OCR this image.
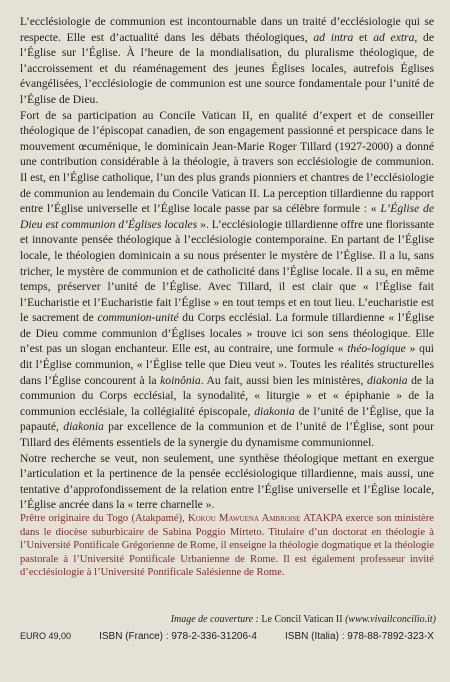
L’ecclésiologie de communion est incontournable dans un traité d’ecclésiologie qui se respecte. Elle est d’actualité dans les débats théologiques, ad intra et ad extra, de l’Église sur l’Église. À l’heure de la mondialisation, du pluralisme théologique, de l’accroissement et du réaménagement des jeunes Églises locales, autrefois Églises évangélisées, l’ecclésiologie de communion est une source fondamentale pour l’unité de l’Église de Dieu.

Fort de sa participation au Concile Vatican II, en qualité d’expert et de conseiller théologique de l’épiscopat canadien, de son engagement passionné et perspicace dans le mouvement œcuménique, le dominicain Jean-Marie Roger Tillard (1927-2000) a donné une contribution considérable à la théologie, à travers son ecclésiologie de communion. Il est, en l’Église catholique, l’un des plus grands pionniers et chantres de l’ecclésiologie de communion au lendemain du Concile Vatican II. La perception tillardienne du rapport entre l’Église universelle et l’Église locale passe par sa célèbre formule : « L’Église de Dieu est communion d’Églises locales ». L’ecclésiologie tillardienne offre une florissante et innovante pensée théologique à l’ecclésiologie contemporaine. En partant de l’Église locale, le théologien dominicain a su nous présenter le mystère de l’Église. Il a lu, sans tricher, le mystère de communion et de catholicité dans l’Église locale. Il a su, en même temps, préserver l’unité de l’Église. Avec Tillard, il est clair que « l’Église fait l’Eucharistie et l’Eucharistie fait l’Église » en tout temps et en tout lieu. L’eucharistie est le sacrement de communion-unité du Corps ecclésial. La formule tillardienne « l’Église de Dieu comme communion d’Églises locales » trouve ici son sens théologique. Elle n’est pas un slogan enchanteur. Elle est, au contraire, une formule « théo-logique » qui dit l’Église communion, « l’Église telle que Dieu veut ». Toutes les réalités structurelles dans l’Église concourent à la koinônia. Au fait, aussi bien les ministères, diakonia de la communion du Corps ecclésial, la synodalité, « liturgie » et « épiphanie » de la communion ecclésiale, la collégialité épiscopale, diakonia de l’unité de l’Église, que la papauté, diakonia par excellence de la communion et de l’unité de l’Église, sont pour Tillard des éléments essentiels de la synergie du dynamisme communionnel.

Notre recherche se veut, non seulement, une synthèse théologique mettant en exergue l’articulation et la pertinence de la pensée ecclésiologique tillardienne, mais aussi, une tentative d’approfondissement de la relation entre l’Église universelle et l’Église locale, l’Église ancrée dans la « terre charnelle ».

Prêtre originaire du Togo (Atakpamé), Kokou Mawuena Ambroise ATAKPA exerce son ministère dans le diocèse suburbicaire de Sabina Poggio Mirteto. Titulaire d’un doctorat en théologie à l’Université Pontificale Grégorienne de Rome, il enseigne la théologie dogmatique et la théologie pastorale à l’Université Pontificale Urbanienne de Rome. Il est également professeur invité d’ecclésiologie à l’Université Pontificale Salésienne de Rome.
Image de couverture : Le Concil Vatican II (www.vivailconcilio.it)
EURO 49,00	ISBN (France) : 978-2-336-31206-4	ISBN (Italia) : 978-88-7892-323-X
